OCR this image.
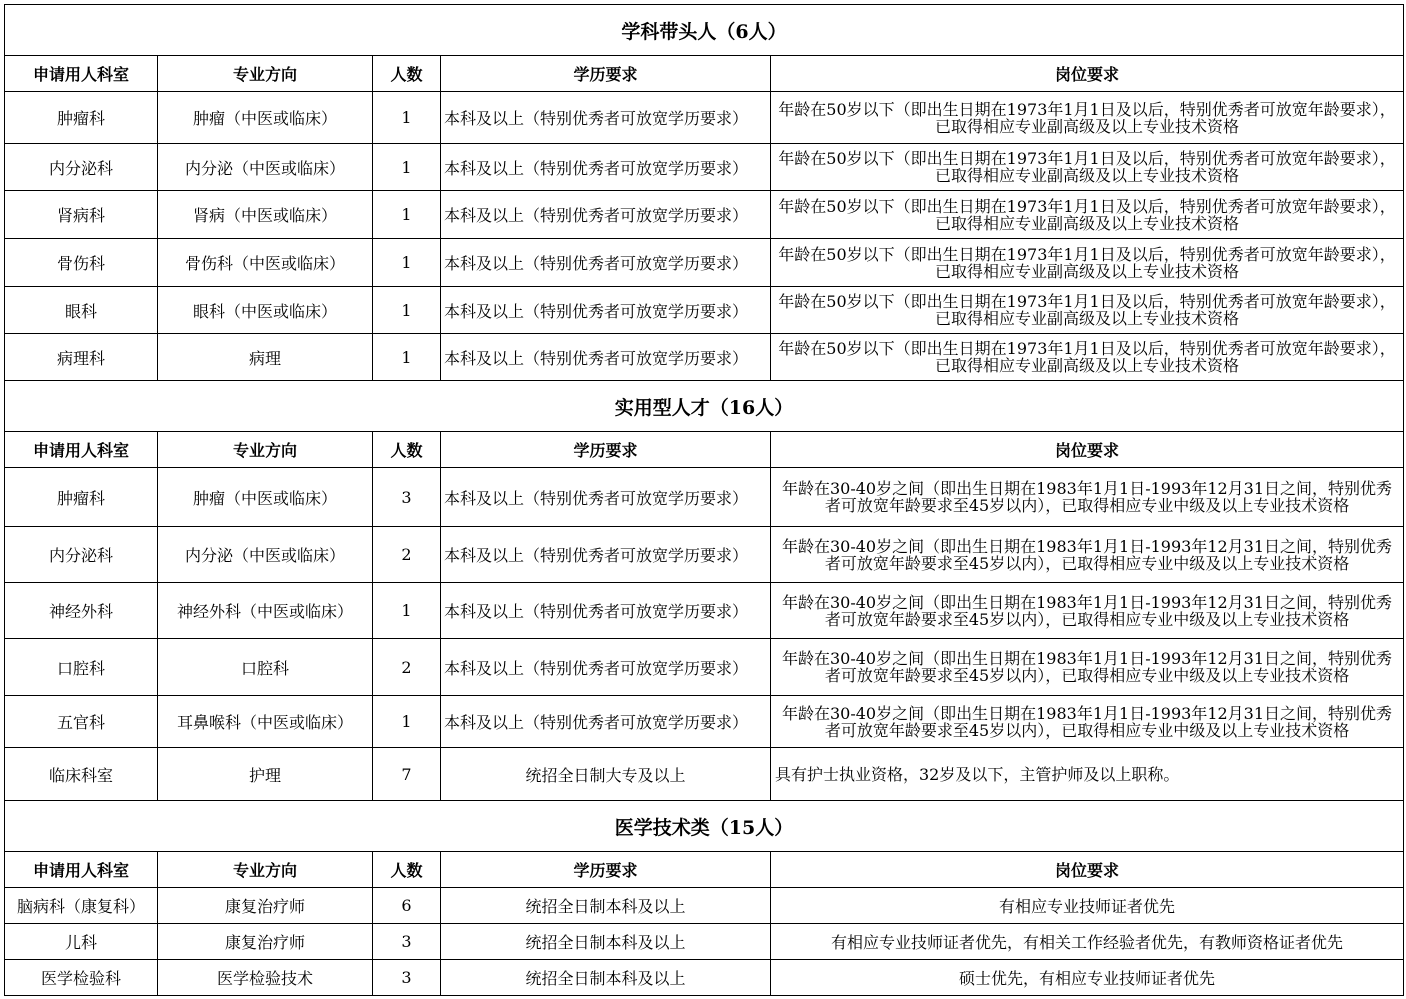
学科带头人（6人）				
申请用人科室	专业方向	人数	学历要求	岗位要求
肿瘤科	肿瘤（中医或临床）	1	本科及以上（特别优秀者可放宽学历要求）	年龄在50岁以下（即出生日期在1973年1月1日及以后，特别优秀者可放宽年龄要求），已取得相应专业副高级及以上专业技术资格
内分泌科	内分泌（中医或临床）	1	本科及以上（特别优秀者可放宽学历要求）	年龄在50岁以下（即出生日期在1973年1月1日及以后，特别优秀者可放宽年龄要求），已取得相应专业副高级及以上专业技术资格
肾病科	肾病（中医或临床）	1	本科及以上（特别优秀者可放宽学历要求）	年龄在50岁以下（即出生日期在1973年1月1日及以后，特别优秀者可放宽年龄要求），已取得相应专业副高级及以上专业技术资格
骨伤科	骨伤科（中医或临床）	1	本科及以上（特别优秀者可放宽学历要求）	年龄在50岁以下（即出生日期在1973年1月1日及以后，特别优秀者可放宽年龄要求），已取得相应专业副高级及以上专业技术资格
眼科	眼科（中医或临床）	1	本科及以上（特别优秀者可放宽学历要求）	年龄在50岁以下（即出生日期在1973年1月1日及以后，特别优秀者可放宽年龄要求），已取得相应专业副高级及以上专业技术资格
病理科	病理	1	本科及以上（特别优秀者可放宽学历要求）	年龄在50岁以下（即出生日期在1973年1月1日及以后，特别优秀者可放宽年龄要求），已取得相应专业副高级及以上专业技术资格
实用型人才（16人）				
申请用人科室	专业方向	人数	学历要求	岗位要求
肿瘤科	肿瘤（中医或临床）	3	本科及以上（特别优秀者可放宽学历要求）	年龄在30-40岁之间（即出生日期在1983年1月1日-1993年12月31日之间，特别优秀者可放宽年龄要求至45岁以内），已取得相应专业中级及以上专业技术资格
内分泌科	内分泌（中医或临床）	2	本科及以上（特别优秀者可放宽学历要求）	年龄在30-40岁之间（即出生日期在1983年1月1日-1993年12月31日之间，特别优秀者可放宽年龄要求至45岁以内），已取得相应专业中级及以上专业技术资格
神经外科	神经外科（中医或临床）	1	本科及以上（特别优秀者可放宽学历要求）	年龄在30-40岁之间（即出生日期在1983年1月1日-1993年12月31日之间，特别优秀者可放宽年龄要求至45岁以内），已取得相应专业中级及以上专业技术资格
口腔科	口腔科	2	本科及以上（特别优秀者可放宽学历要求）	年龄在30-40岁之间（即出生日期在1983年1月1日-1993年12月31日之间，特别优秀者可放宽年龄要求至45岁以内），已取得相应专业中级及以上专业技术资格
五官科	耳鼻喉科（中医或临床）	1	本科及以上（特别优秀者可放宽学历要求）	年龄在30-40岁之间（即出生日期在1983年1月1日-1993年12月31日之间，特别优秀者可放宽年龄要求至45岁以内），已取得相应专业中级及以上专业技术资格
临床科室	护理	7	统招全日制大专及以上	具有护士执业资格，32岁及以下，主管护师及以上职称。
医学技术类（15人）				
申请用人科室	专业方向	人数	学历要求	岗位要求
脑病科（康复科）	康复治疗师	6	统招全日制本科及以上	有相应专业技师证者优先
儿科	康复治疗师	3	统招全日制本科及以上	有相应专业技师证者优先，有相关工作经验者优先，有教师资格证者优先
医学检验科	医学检验技术	3	统招全日制本科及以上	硕士优先，有相应专业技师证者优先
